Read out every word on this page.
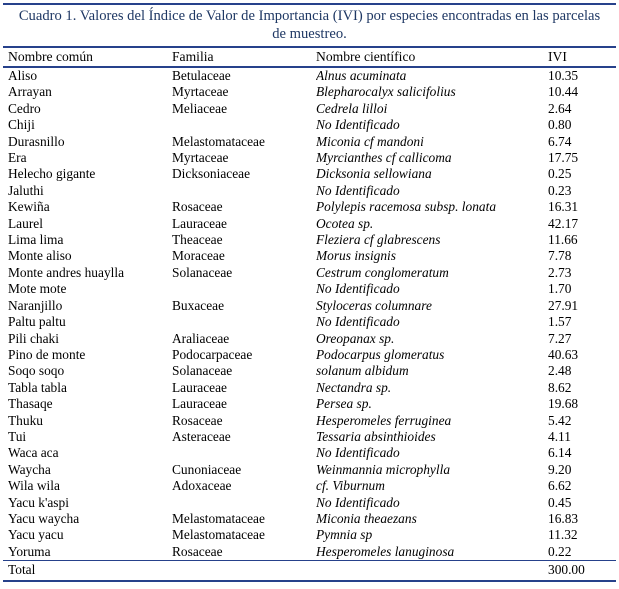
Cuadro 1. Valores del Índice de Valor de Importancia (IVI) por especies encontradas en las parcelas de muestreo.
Nombre común	Familia	Nombre científico	IVI
Aliso	Betulaceae	Alnus acuminata	10.35
Arrayan	Myrtaceae	Blepharocalyx salicifolius	10.44
Cedro	Meliaceae	Cedrela lilloi	2.64
Chiji		No Identificado	0.80
Durasnillo	Melastomataceae	Miconia cf mandoni	6.74
Era	Myrtaceae	Myrcianthes cf callicoma	17.75
Helecho gigante	Dicksoniaceae	Dicksonia sellowiana	0.25
Jaluthi		No Identificado	0.23
Kewiña	Rosaceae	Polylepis racemosa subsp. lonata	16.31
Laurel	Lauraceae	Ocotea sp.	42.17
Lima lima	Theaceae	Fleziera cf glabrescens	11.66
Monte aliso	Moraceae	Morus insignis	7.78
Monte andres huaylla	Solanaceae	Cestrum conglomeratum	2.73
Mote mote		No Identificado	1.70
Naranjillo	Buxaceae	Styloceras columnare	27.91
Paltu paltu		No Identificado	1.57
Pili chaki	Araliaceae	Oreopanax sp.	7.27
Pino de monte	Podocarpaceae	Podocarpus glomeratus	40.63
Soqo soqo	Solanaceae	solanum albidum	2.48
Tabla tabla	Lauraceae	Nectandra sp.	8.62
Thasaqe	Lauraceae	Persea sp.	19.68
Thuku	Rosaceae	Hesperomeles ferruginea	5.42
Tui	Asteraceae	Tessaria absinthioides	4.11
Waca aca		No Identificado	6.14
Waycha	Cunoniaceae	Weinmannia microphylla	9.20
Wila wila	Adoxaceae	cf. Viburnum	6.62
Yacu k'aspi		No Identificado	0.45
Yacu waycha	Melastomataceae	Miconia theaezans	16.83
Yacu yacu	Melastomataceae	Pymnia sp	11.32
Yoruma	Rosaceae	Hesperomeles lanuginosa	0.22
Total			300.00
